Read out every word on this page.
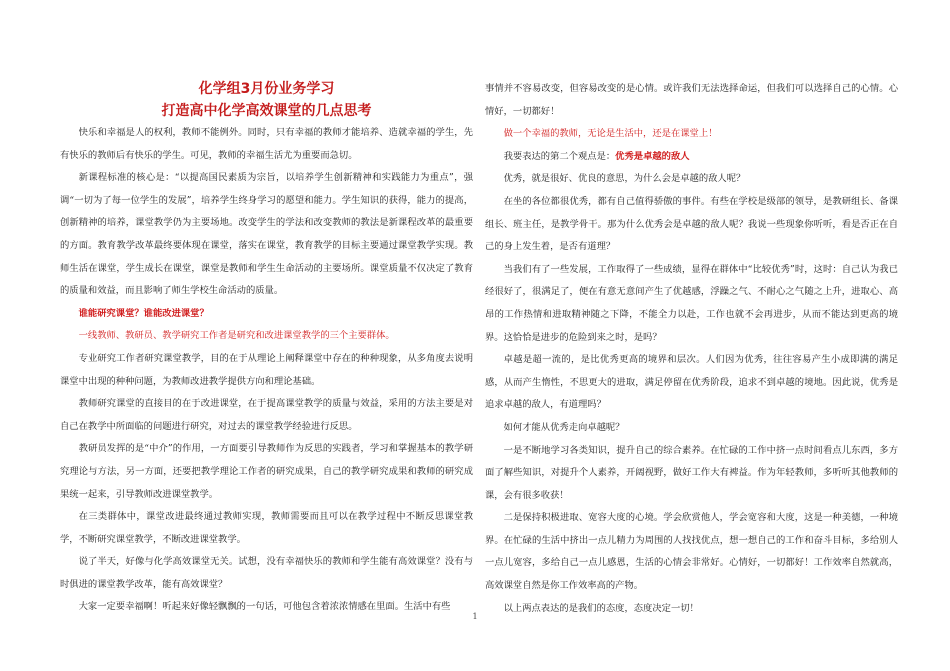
化学组3月份业务学习
打造高中化学高效课堂的几点思考

快乐和幸福是人的权利，教师不能例外。同时，只有幸福的教师才能培养、造就幸福的学生，先有快乐的教师后有快乐的学生。可见，教师的幸福生活尤为重要而急切。

新课程标准的核心是：“以提高国民素质为宗旨，以培养学生创新精神和实践能力为重点”，强调“一切为了每一位学生的发展”，培养学生终身学习的愿望和能力。学生知识的获得，能力的提高，创新精神的培养，课堂教学仍为主要场地。改变学生的学法和改变教师的教法是新课程改革的最重要的方面。教育教学改革最终要体现在课堂，落实在课堂，教育教学的目标主要通过课堂教学实现。教师生活在课堂，学生成长在课堂，课堂是教师和学生生命活动的主要场所。课堂质量不仅决定了教育的质量和效益，而且影响了师生学校生命活动的质量。

谁能研究课堂？谁能改进课堂？

一线教师、教研员、教学研究工作者是研究和改进课堂教学的三个主要群体。

专业研究工作者研究课堂教学，目的在于从理论上阐释课堂中存在的种种现象，从多角度去说明课堂中出现的种种问题，为教师改进教学提供方向和理论基础。

教师研究课堂的直接目的在于改进课堂，在于提高课堂教学的质量与效益，采用的方法主要是对自己在教学中所面临的问题进行研究，对过去的课堂教学经验进行反思。

教研员发挥的是“中介”的作用，一方面要引导教师作为反思的实践者，学习和掌握基本的教学研究理论与方法，另一方面，还要把教学理论工作者的研究成果，自己的教学研究成果和教师的研究成果统一起来，引导教师改进课堂教学。

在三类群体中，课堂改进最终通过教师实现，教师需要而且可以在教学过程中不断反思课堂教学，不断研究课堂教学，不断改进课堂教学。

说了半天，好像与化学高效课堂无关。试想，没有幸福快乐的教师和学生能有高效课堂？没有与时俱进的课堂教学改革，能有高效课堂？

大家一定要幸福啊！听起来好像轻飘飘的一句话，可他包含着浓浓情感在里面。生活中有些

事情并不容易改变，但容易改变的是心情。或许我们无法选择命运，但我们可以选择自己的心情。心情好，一切都好！

做一个幸福的教师，无论是生活中，还是在课堂上！

我要表达的第二个观点是：优秀是卓越的敌人

优秀，就是很好、优良的意思，为什么会是卓越的敌人呢？

在坐的各位都很优秀，都有自己值得骄傲的事件。有些在学校是级部的领导，是教研组长、备课组长、班主任，是教学骨干。那为什么优秀会是卓越的敌人呢？我说一些现象你听听，看是否正在自己的身上发生着，是否有道理？

当我们有了一些发展，工作取得了一些成绩，显得在群体中“比较优秀”时，这时：自己认为我已经很好了，很满足了，便在有意无意间产生了优越感，浮躁之气、不耐心之气随之上升，进取心、高昂的工作热情和进取精神随之下降，不能全力以赴，工作也就不会再进步，从而不能达到更高的境界。这恰恰是进步的危险到来之时，是吗？

卓越是超一流的，是比优秀更高的境界和层次。人们因为优秀，往往容易产生小成即满的满足感，从而产生惰性，不思更大的进取，满足停留在优秀阶段，追求不到卓越的境地。因此说，优秀是追求卓越的敌人，有道理吗？

如何才能从优秀走向卓越呢？

一是不断地学习各类知识，提升自己的综合素养。在忙碌的工作中挤一点时间看点儿东西，多方面了解些知识，对提升个人素养，开阔视野，做好工作大有裨益。作为年轻教师，多听听其他教师的课，会有很多收获！

二是保持积极进取、宽容大度的心境。学会欣赏他人，学会宽容和大度，这是一种美德，一种境界。在忙碌的生活中挤出一点儿精力为周围的人找找优点，想一想自己的工作和奋斗目标，多给别人一点儿宽容，多给自己一点儿感恩，生活的心情会非常好。心情好，一切都好！工作效率自然就高，高效课堂自然是你工作效率高的产物。

以上两点表达的是我们的态度，态度决定一切！

1
